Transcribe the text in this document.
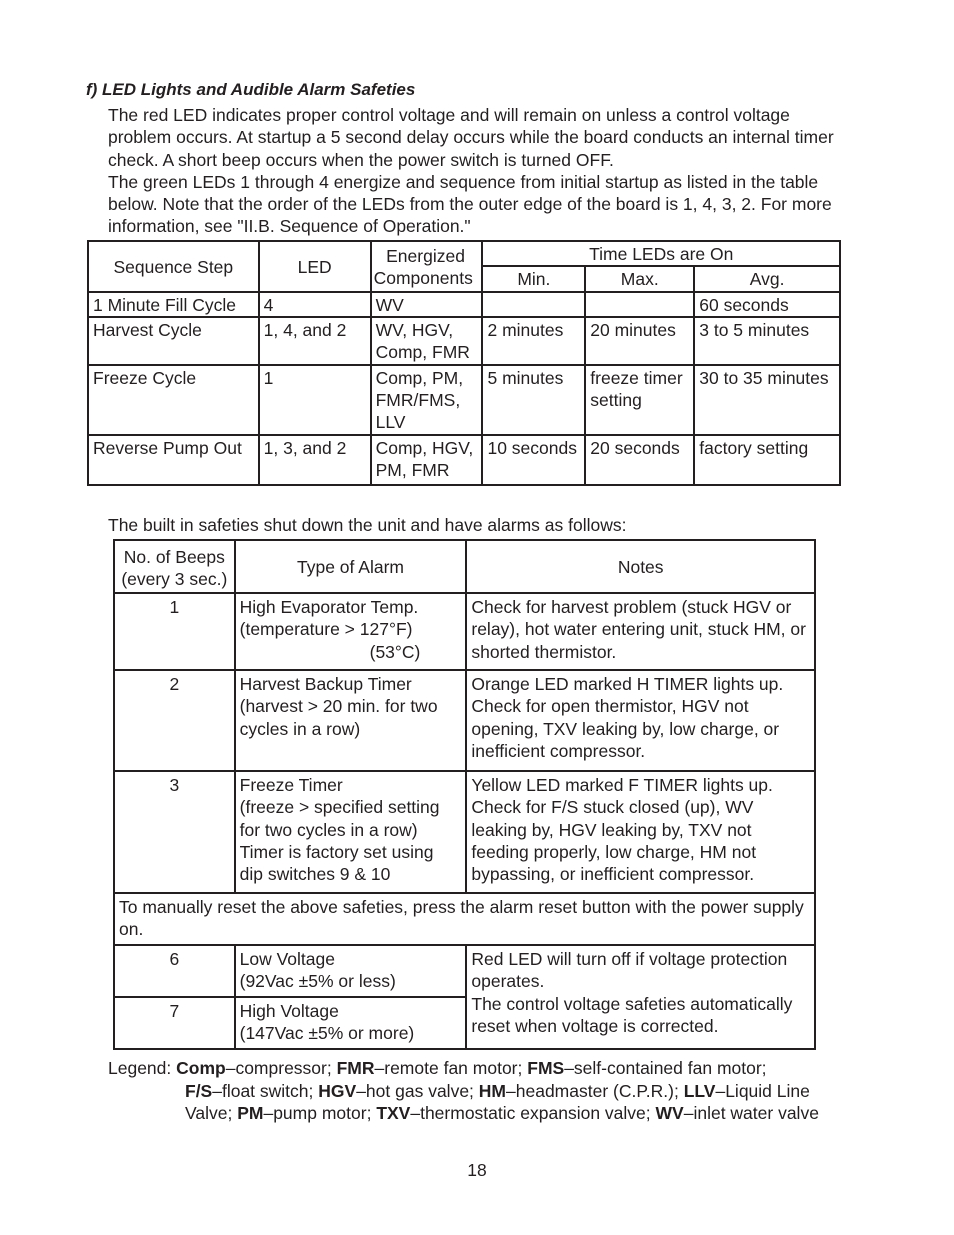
f) LED Lights and Audible Alarm Safeties

The red LED indicates proper control voltage and will remain on unless a control voltage problem occurs. At startup a 5 second delay occurs while the board conducts an internal timer check. A short beep occurs when the power switch is turned OFF.

The green LEDs 1 through 4 energize and sequence from initial startup as listed in the table below. Note that the order of the LEDs from the outer edge of the board is 1, 4, 3, 2. For more information, see "II.B. Sequence of Operation."

Sequence Step	LED	Energized
Components	Time LEDs are On		
			Min.	Max.	Avg.
1 Minute Fill Cycle	4	WV			60 seconds
Harvest Cycle	1, 4, and 2	WV, HGV, Comp, FMR	2 minutes	20 minutes	3 to 5 minutes
Freeze Cycle	1	Comp, PM, FMR/FMS, LLV	5 minutes	freeze timer setting	30 to 35 minutes
Reverse Pump Out	1, 3, and 2	Comp, HGV, PM, FMR	10 seconds	20 seconds	factory setting
The built in safeties shut down the unit and have alarms as follows:
No. of Beeps
(every 3 sec.)	Type of Alarm	Notes
1	High Evaporator Temp.
(temperature > 127°F)
(53°C)	Check for harvest problem (stuck HGV or relay), hot water entering unit, stuck HM, or shorted thermistor.
2	Harvest Backup Timer
(harvest > 20 min. for two cycles in a row)	Orange LED marked H TIMER lights up. Check for open thermistor, HGV not opening, TXV leaking by, low charge, or inefficient compressor.
3	Freeze Timer
(freeze > specified setting for two cycles in a row)
Timer is factory set using dip switches 9 & 10	Yellow LED marked F TIMER lights up. Check for F/S stuck closed (up), WV leaking by, HGV leaking by, TXV not feeding properly, low charge, HM not bypassing, or inefficient compressor.
To manually reset the above safeties, press the alarm reset button with the power supply on.		
6	Low Voltage
(92Vac ±5% or less)	Red LED will turn off if voltage protection operates.
The control voltage safeties automatically reset when voltage is corrected.

7	High Voltage
(147Vac ±5% or more)	
Legend: Comp–compressor; FMR–remote fan motor; FMS–self-contained fan motor;
F/S–float switch; HGV–hot gas valve; HM–headmaster (C.P.R.); LLV–Liquid Line Valve; PM–pump motor; TXV–thermostatic expansion valve; WV–inlet water valve
18
